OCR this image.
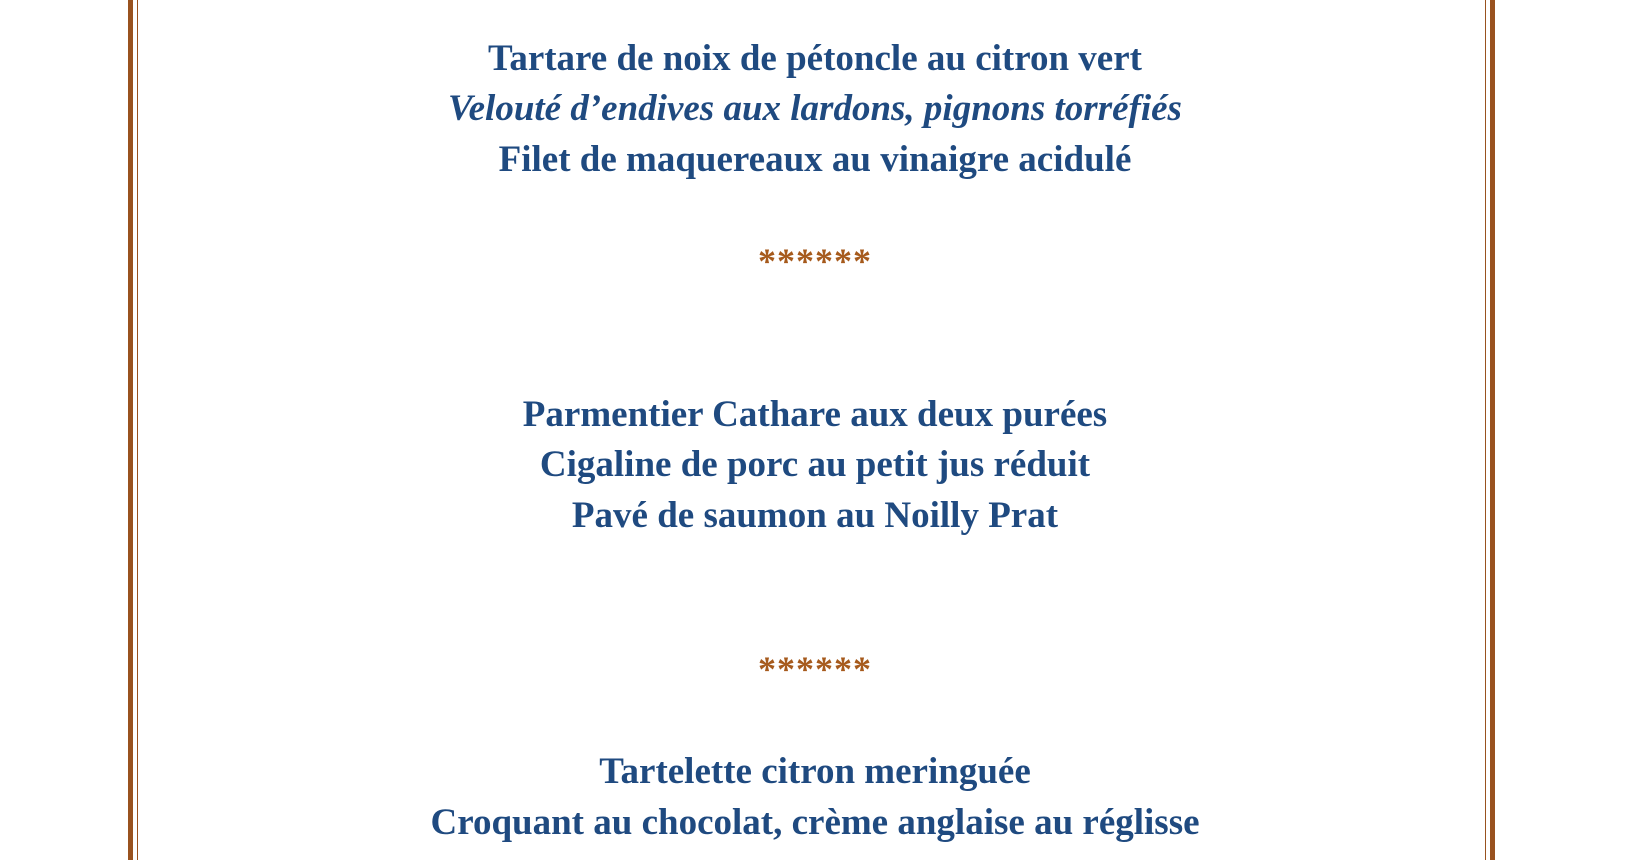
Tartare de noix de pétoncle au citron vert
Velouté d’endives aux lardons, pignons torréfiés
Filet de maquereaux au vinaigre acidulé
******
Parmentier Cathare aux deux purées
Cigaline de porc au petit jus réduit
Pavé de saumon au Noilly Prat
******
Tartelette citron meringuée
Croquant au chocolat, crème anglaise au réglisse
